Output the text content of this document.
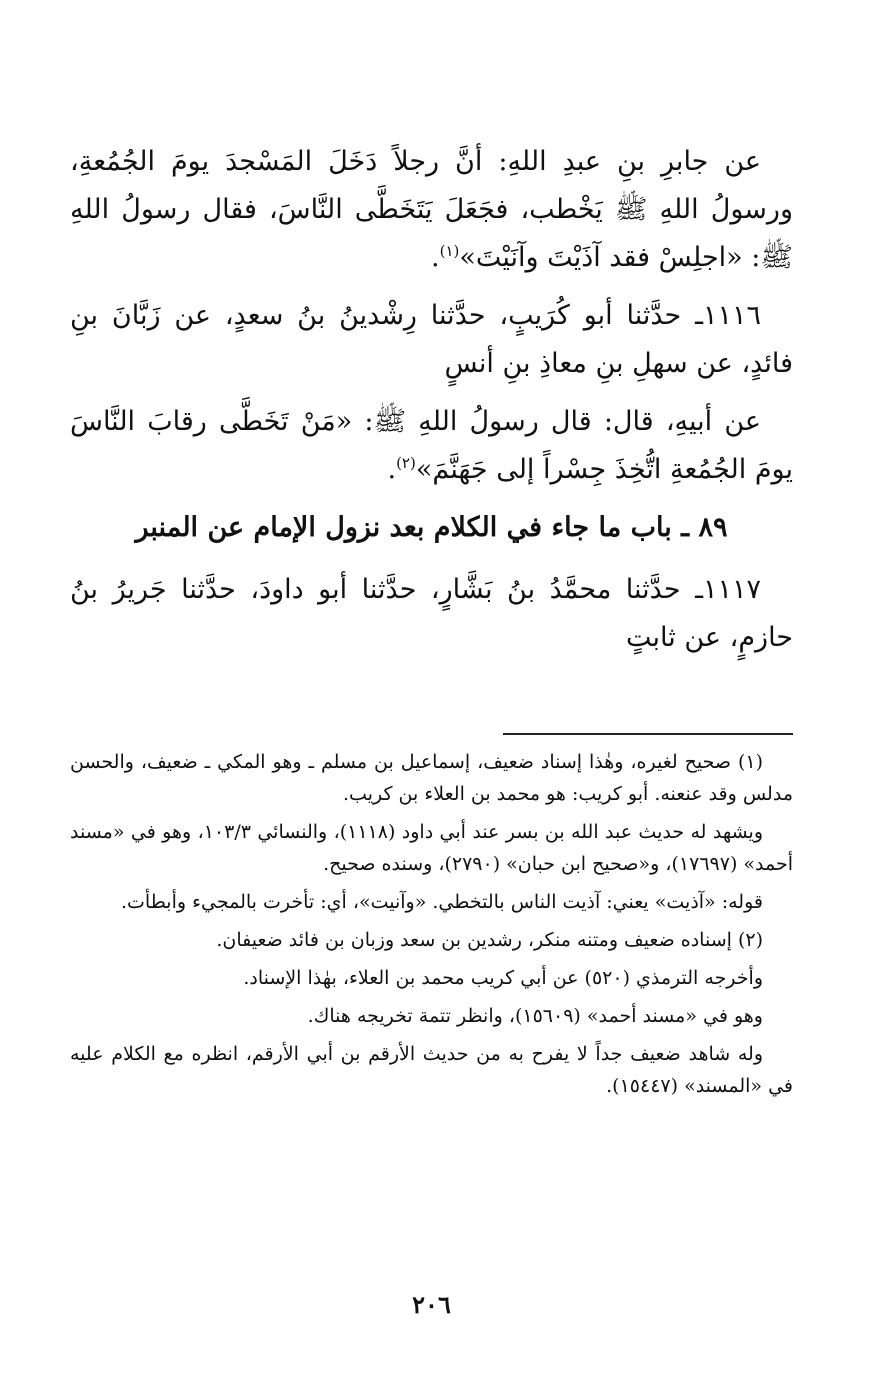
عن جابرِ بنِ عبدِ اللهِ: أنَّ رجلاً دَخَلَ المَسْجدَ يومَ الجُمُعةِ، ورسولُ اللهِ ﷺ يَخْطب، فجَعَلَ يَتَخَطَّى النَّاسَ، فقال رسولُ اللهِ ﷺ: «اجلِسْ فقد آذَيْتَ وآنَيْتَ»$^{(١)}$.

١١١٦ـ حدَّثنا أبو كُرَيبٍ، حدَّثنا رِشْدينُ بنُ سعدٍ، عن زَبَّانَ بنِ فائدٍ، عن سهلِ بنِ معاذِ بنِ أنسٍ

عن أبيهِ، قال: قال رسولُ اللهِ ﷺ: «مَنْ تَخَطَّى رقابَ النَّاسَ يومَ الجُمُعةِ اتُّخِذَ جِسْراً إلى جَهَنَّمَ»$^{(٢)}$.

٨٩ ـ باب ما جاء في الكلام بعد نزول الإمام عن المنبر

١١١٧ـ حدَّثنا محمَّدُ بنُ بَشَّارٍ، حدَّثنا أبو داودَ، حدَّثنا جَريرُ بنُ حازمٍ، عن ثابتٍ

(١) صحيح لغيره، وهٰذا إسناد ضعيف، إسماعيل بن مسلم ـ وهو المكي ـ ضعيف، والحسن مدلس وقد عنعنه. أبو كريب: هو محمد بن العلاء بن كريب.

ويشهد له حديث عبد الله بن بسر عند أبي داود (١١١٨)، والنسائي ١٠٣/٣، وهو في «مسند أحمد» (١٧٦٩٧)، و«صحيح ابن حبان» (٢٧٩٠)، وسنده صحيح.

قوله: «آذيت» يعني: آذيت الناس بالتخطي. «وآنيت»، أي: تأخرت بالمجيء وأبطأت.

(٢) إسناده ضعيف ومتنه منكر، رشدين بن سعد وزبان بن فائد ضعيفان.

وأخرجه الترمذي (٥٢٠) عن أبي كريب محمد بن العلاء، بهٰذا الإسناد.

وهو في «مسند أحمد» (١٥٦٠٩)، وانظر تتمة تخريجه هناك.

وله شاهد ضعيف جداً لا يفرح به من حديث الأرقم بن أبي الأرقم، انظره مع الكلام عليه في «المسند» (١٥٤٤٧).

٢٠٦
